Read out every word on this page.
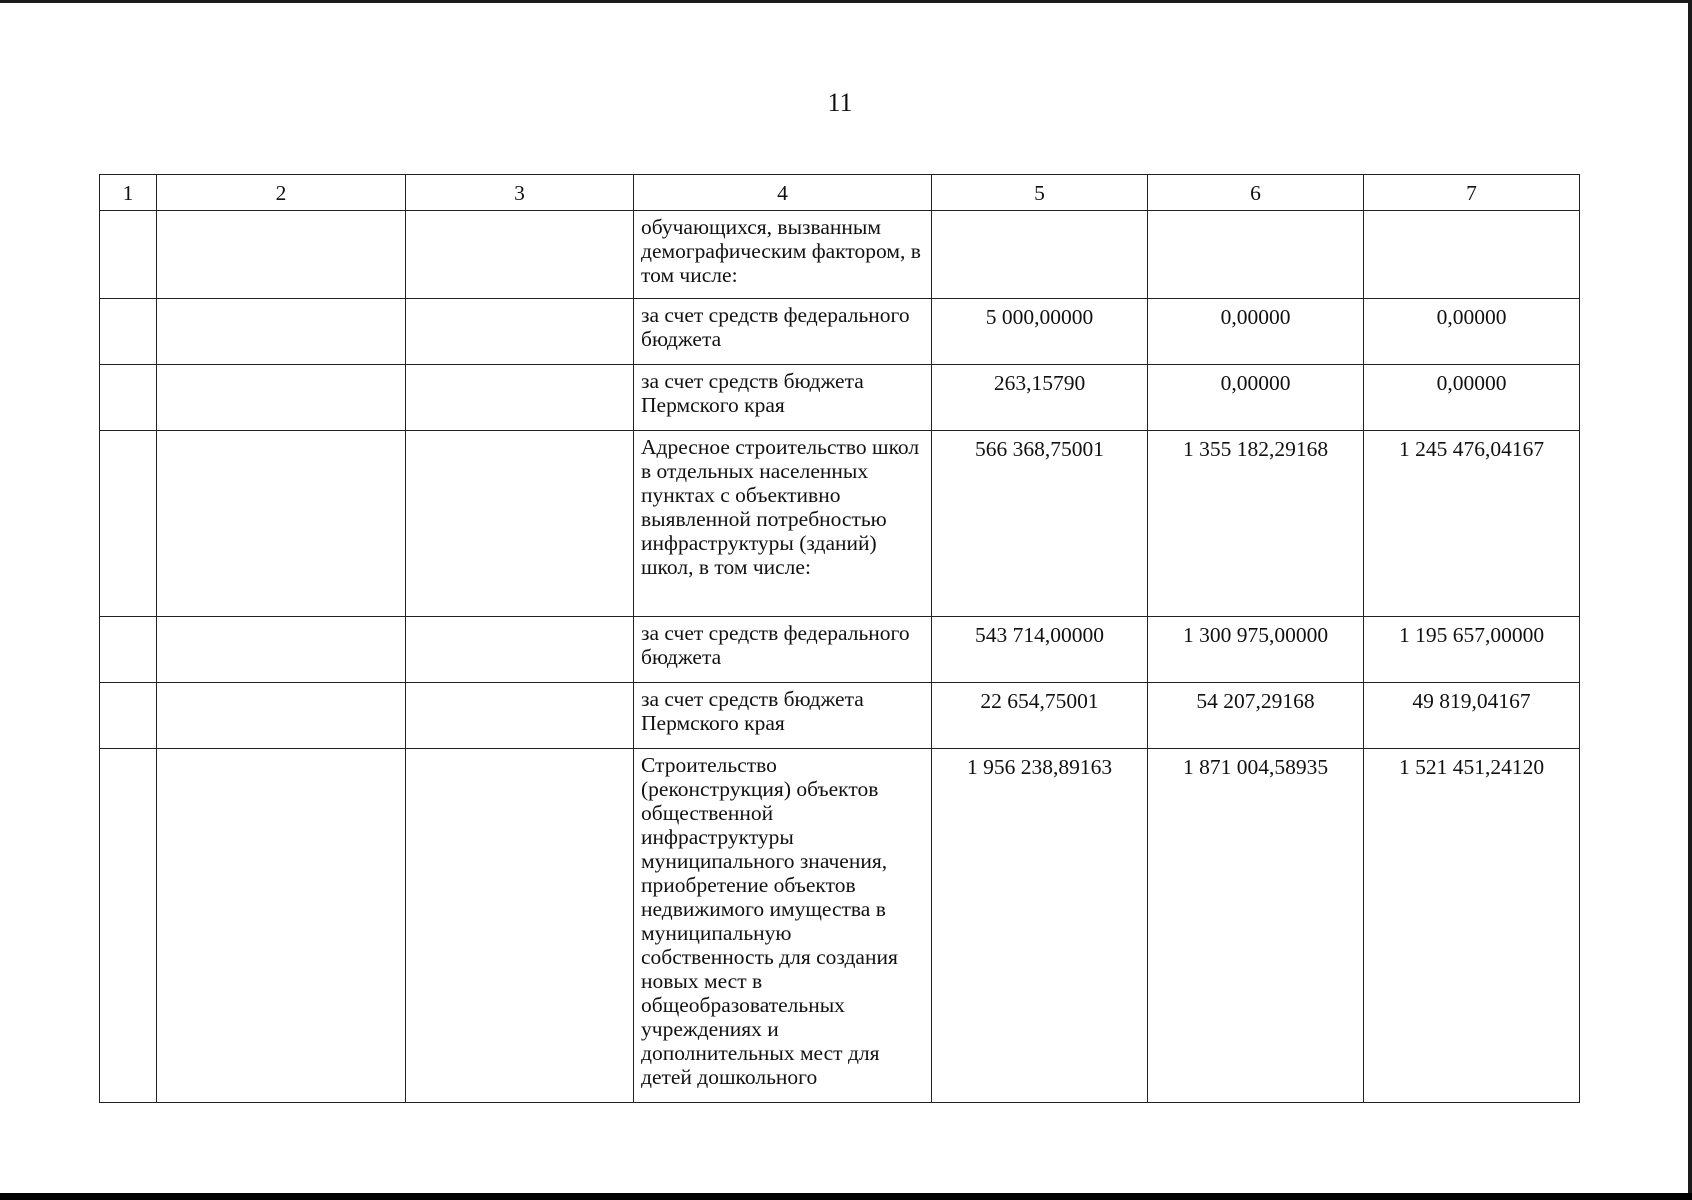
11
1	2	3	4	5	6	7
			обучающихся, вызванным демографическим фактором, в том числе:			
			за счет средств федерального бюджета	5 000,00000	0,00000	0,00000
			за счет средств бюджета Пермского края	263,15790	0,00000	0,00000
			Адресное строительство школ в отдельных населенных пунктах с объективно выявленной потребностью инфраструктуры (зданий) школ, в том числе:	566 368,75001	1 355 182,29168	1 245 476,04167
			за счет средств федерального бюджета	543 714,00000	1 300 975,00000	1 195 657,00000
			за счет средств бюджета Пермского края	22 654,75001	54 207,29168	49 819,04167
			Строительство (реконструкция) объектов общественной инфраструктуры муниципального значения, приобретение объектов недвижимого имущества в муниципальную собственность для создания новых мест в общеобразовательных учреждениях и дополнительных мест для детей дошкольного	1 956 238,89163	1 871 004,58935	1 521 451,24120
